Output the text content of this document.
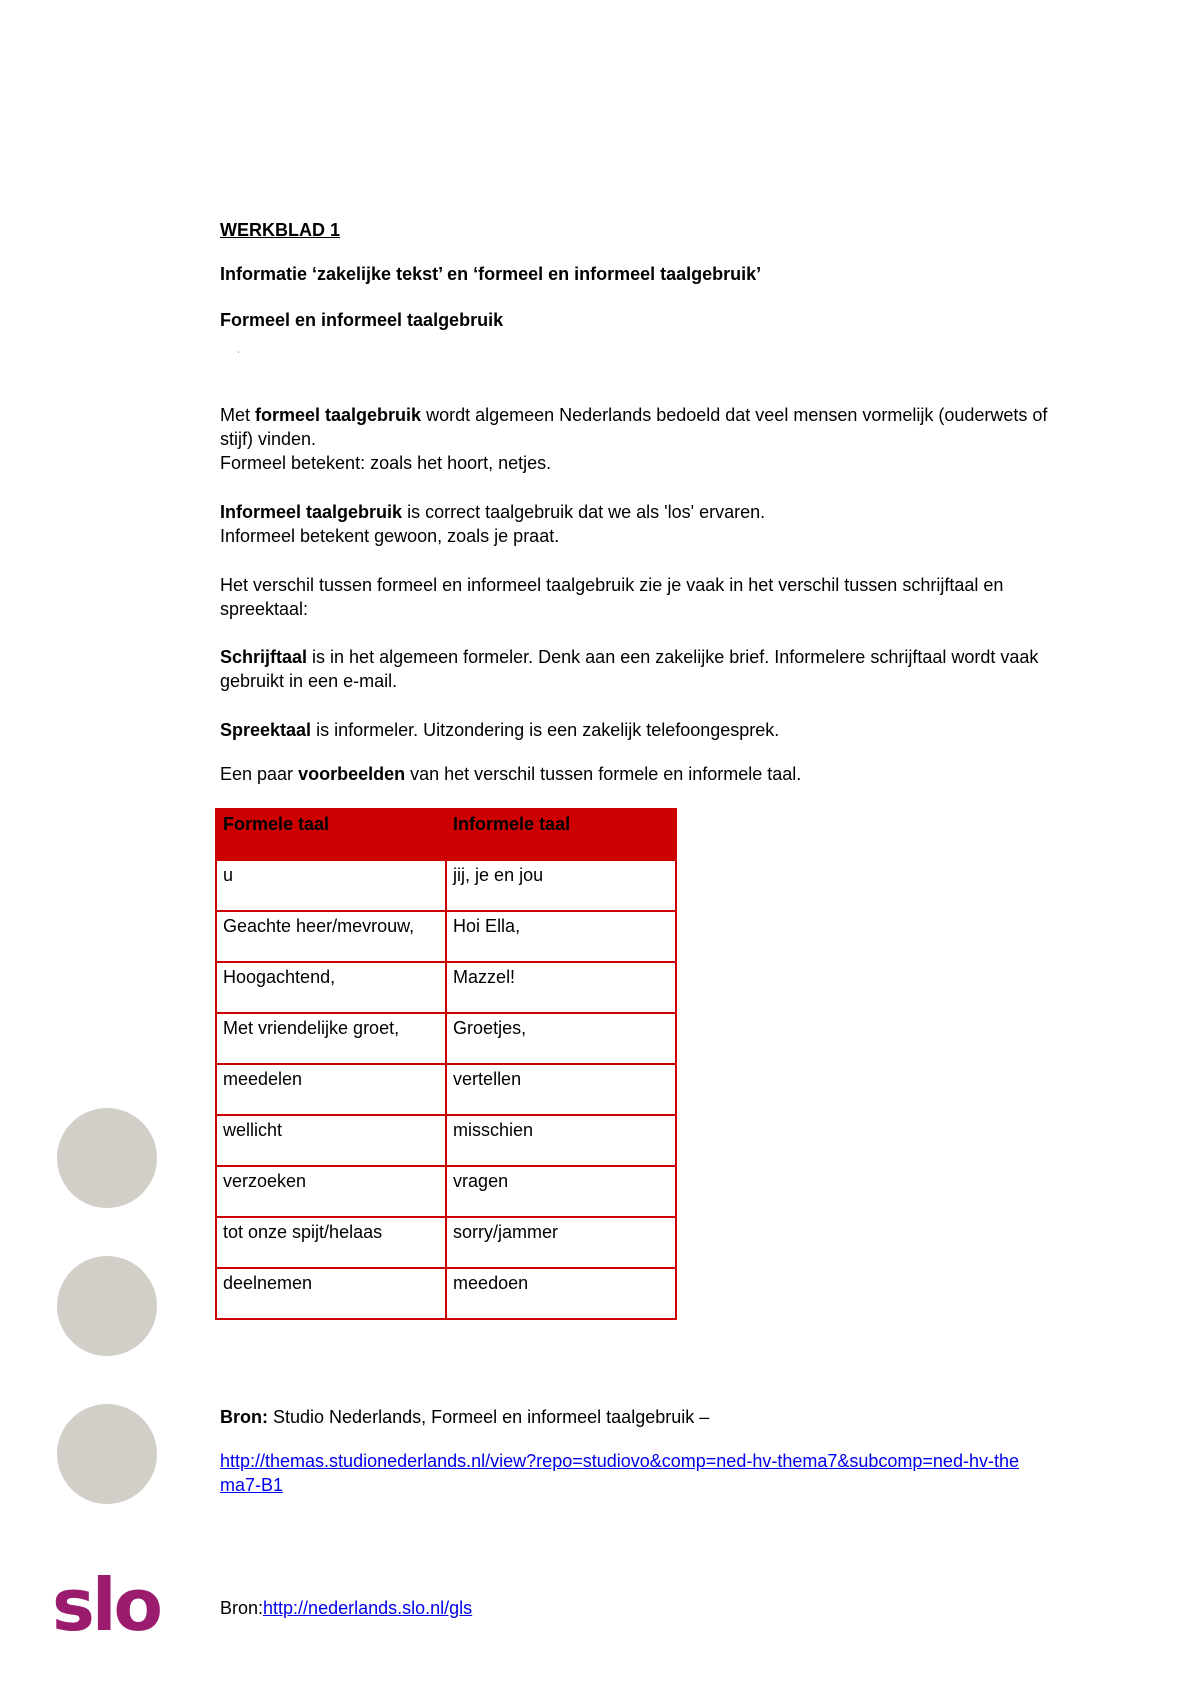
slo
WERKBLAD 1
Informatie ‘zakelijke tekst’ en ‘formeel en informeel taalgebruik’
Formeel en informeel taalgebruik
ˈ
Met formeel taalgebruik wordt algemeen Nederlands bedoeld dat veel mensen vormelijk (ouderwets of stijf) vinden.
Formeel betekent: zoals het hoort, netjes.
Informeel taalgebruik is correct taalgebruik dat we als 'los' ervaren.
Informeel betekent gewoon, zoals je praat.
Het verschil tussen formeel en informeel taalgebruik zie je vaak in het verschil tussen schrijftaal en spreektaal:
Schrijftaal is in het algemeen formeler. Denk aan een zakelijke brief. Informelere schrijftaal wordt vaak gebruikt in een e-mail.
Spreektaal is informeler. Uitzondering is een zakelijk telefoongesprek.
Een paar voorbeelden van het verschil tussen formele en informele taal.
Bron: Studio Nederlands, Formeel en informeel taalgebruik –
http://themas.studionederlands.nl/view?repo=studiovo&comp=ned-hv-thema7&subcomp=ned-hv-thema7-B1
Bron:http://nederlands.slo.nl/gls
Formele taal	Informele taal
u	jij, je en jou
Geachte heer/mevrouw,	Hoi Ella,
Hoogachtend,	Mazzel!
Met vriendelijke groet,	Groetjes,
meedelen	vertellen
wellicht	misschien
verzoeken	vragen
tot onze spijt/helaas	sorry/jammer
deelnemen	meedoen
